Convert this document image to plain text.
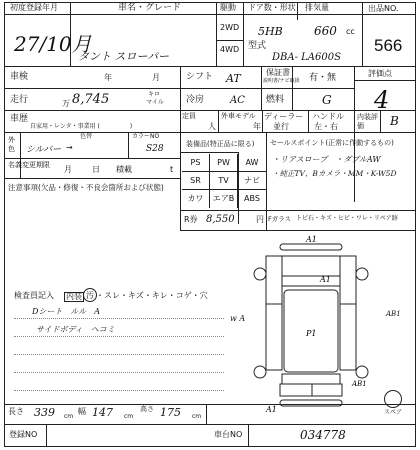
初度登録年月
27/10月
車名・グレード
タント スローパー
駆動
2WD
4WD
ドア数・形状
5HB
排気量
660 cc
型式
DBA- LA600S
出品NO.
566
車検	年	月	シフト AT	保証書
説明書/ナビ取扱 有・無	評価点
4
走行	万 8,745	キロ
マイル 冷房	AC 燃料	G
車歴
自家用・レンタ・事業用 (　　　　　)
定員
人
外車モデル
年
ディーラー
並行
ハンドル
左・右
内装評価	B
外色	シルバー →
色替	カラーNO
S28
名義変更期限 月	日 積載	t
注意事項(欠品・修復・不良会箇所および状態)
装備品(特正品に限る)
PS	PW	AW
SR	TV	ナビ
カワ	エアB	ABS
R券 8,550	円
セールスポイント(正常に作動するもの)
・リアスロープ　・ダブルAW
・純正TV、Bカメラ・MM・K-W5D
Fガラス トビ石・キズ・ヒビ・ワレ・リペア跡
A1
A1
P1
AB1
A1
w A	AB1
スペア
検査員記入 内装 汚 ・スレ・キズ・キレ・コゲ・穴
Dシート　ルル　A
サイドボディ　ヘコミ
長さ 339 cm
幅 147 cm
高さ 175 cm
登録NO	車台NO	034778
